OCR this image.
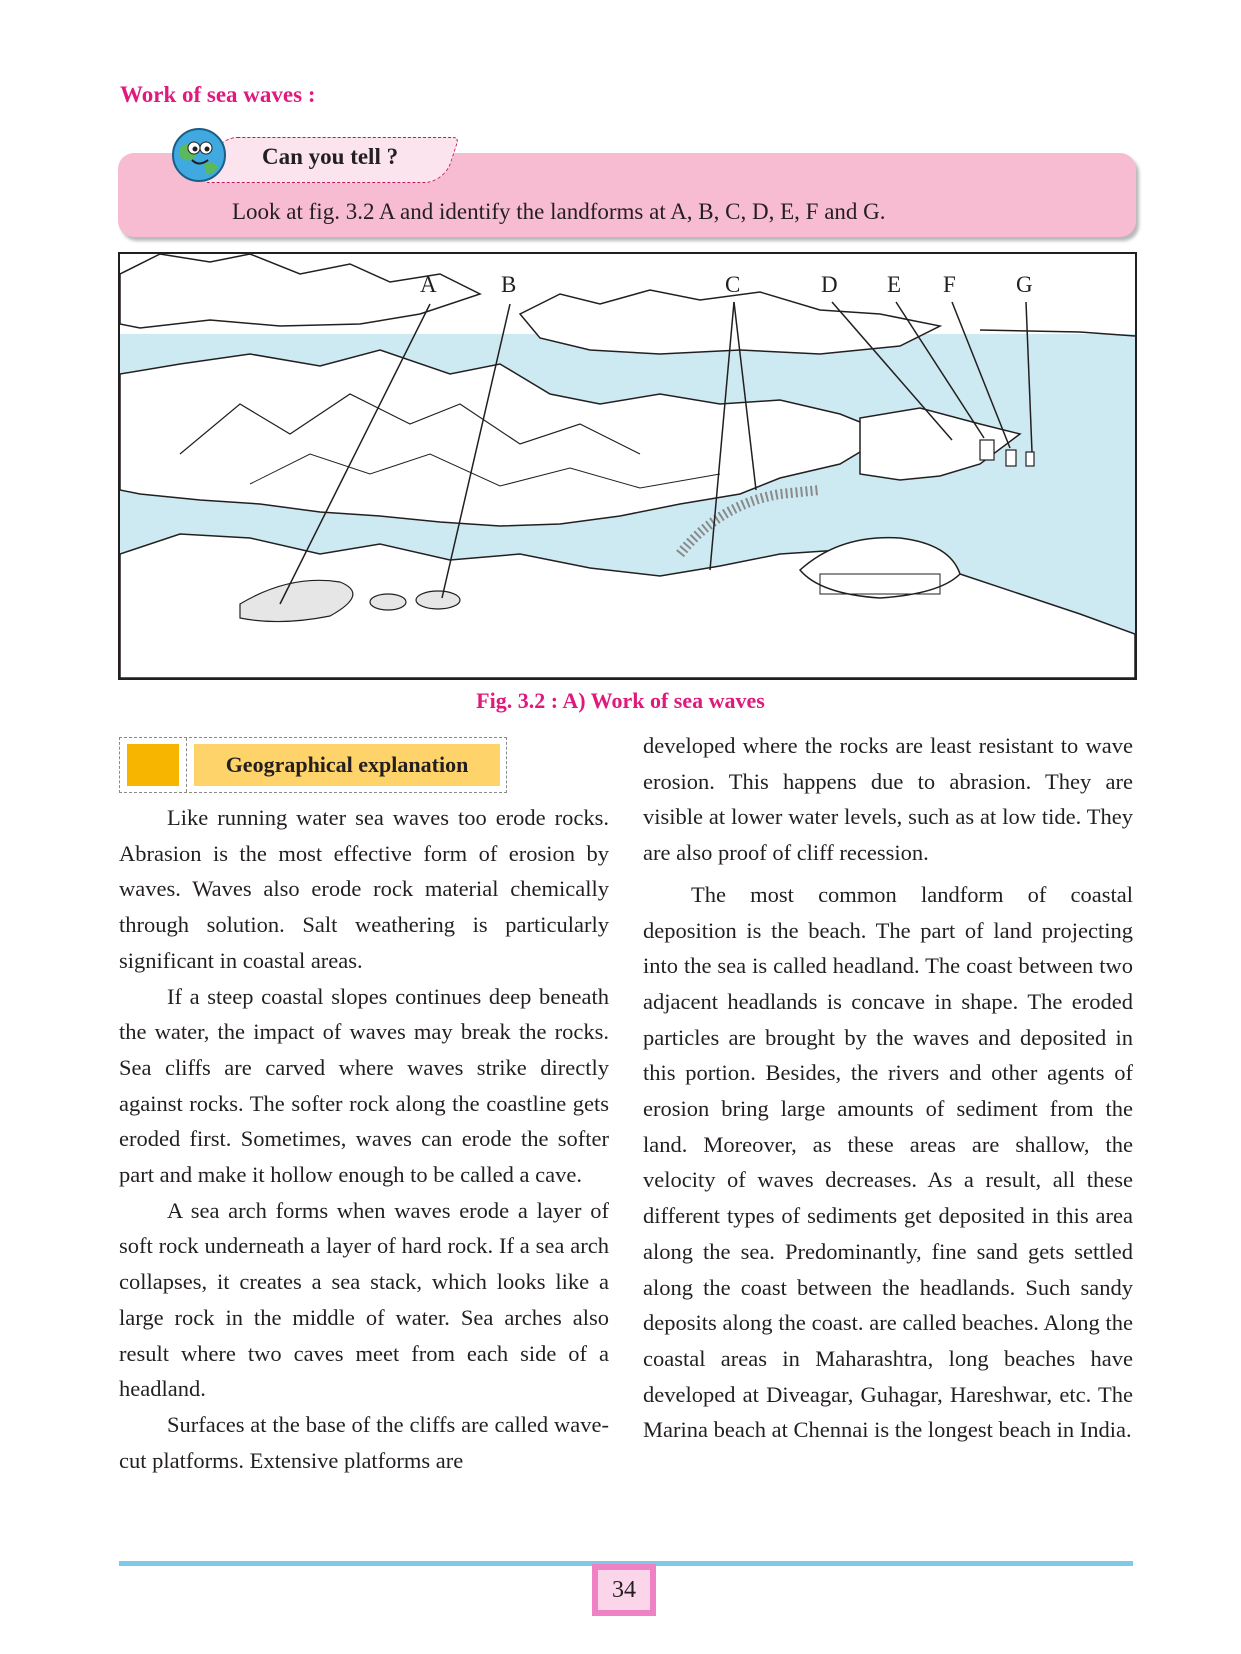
Work of sea waves :
Look at fig. 3.2 A and identify the landforms at A, B, C, D, E, F and G.
Can you tell ?
A	B	C	D E F	G
Fig. 3.2 : A) Work of sea waves
Geographical explanation

Like running water sea waves too erode rocks. Abrasion is the most effective form of erosion by waves. Waves also erode rock material chemically through solution. Salt weathering is particularly significant in coastal areas.

If a steep coastal slopes continues deep beneath the water, the impact of waves may break the rocks. Sea cliffs are carved where waves strike directly against rocks. The softer rock along the coastline gets eroded first. Sometimes, waves can erode the softer part and make it hollow enough to be called a cave.

A sea arch forms when waves erode a layer of soft rock underneath a layer of hard rock. If a sea arch collapses, it creates a sea stack, which looks like a large rock in the middle of water. Sea arches also result where two caves meet from each side of a headland.

Surfaces at the base of the cliffs are called wave-cut platforms. Extensive platforms are

developed where the rocks are least resistant to wave erosion. This happens due to abrasion. They are visible at lower water levels, such as at low tide. They are also proof of cliff recession.

The most common landform of coastal deposition is the beach. The part of land projecting into the sea is called headland. The coast between two adjacent headlands is concave in shape. The eroded particles are brought by the waves and deposited in this portion. Besides, the rivers and other agents of erosion bring large amounts of sediment from the land. Moreover, as these areas are shallow, the velocity of waves decreases. As a result, all these different types of sediments get deposited in this area along the sea. Predominantly, fine sand gets settled along the coast between the headlands. Such sandy deposits along the coast. are called beaches. Along the coastal areas in Maharashtra, long beaches have developed at Diveagar, Guhagar, Hareshwar, etc. The Marina beach at Chennai is the longest beach in India.

34
